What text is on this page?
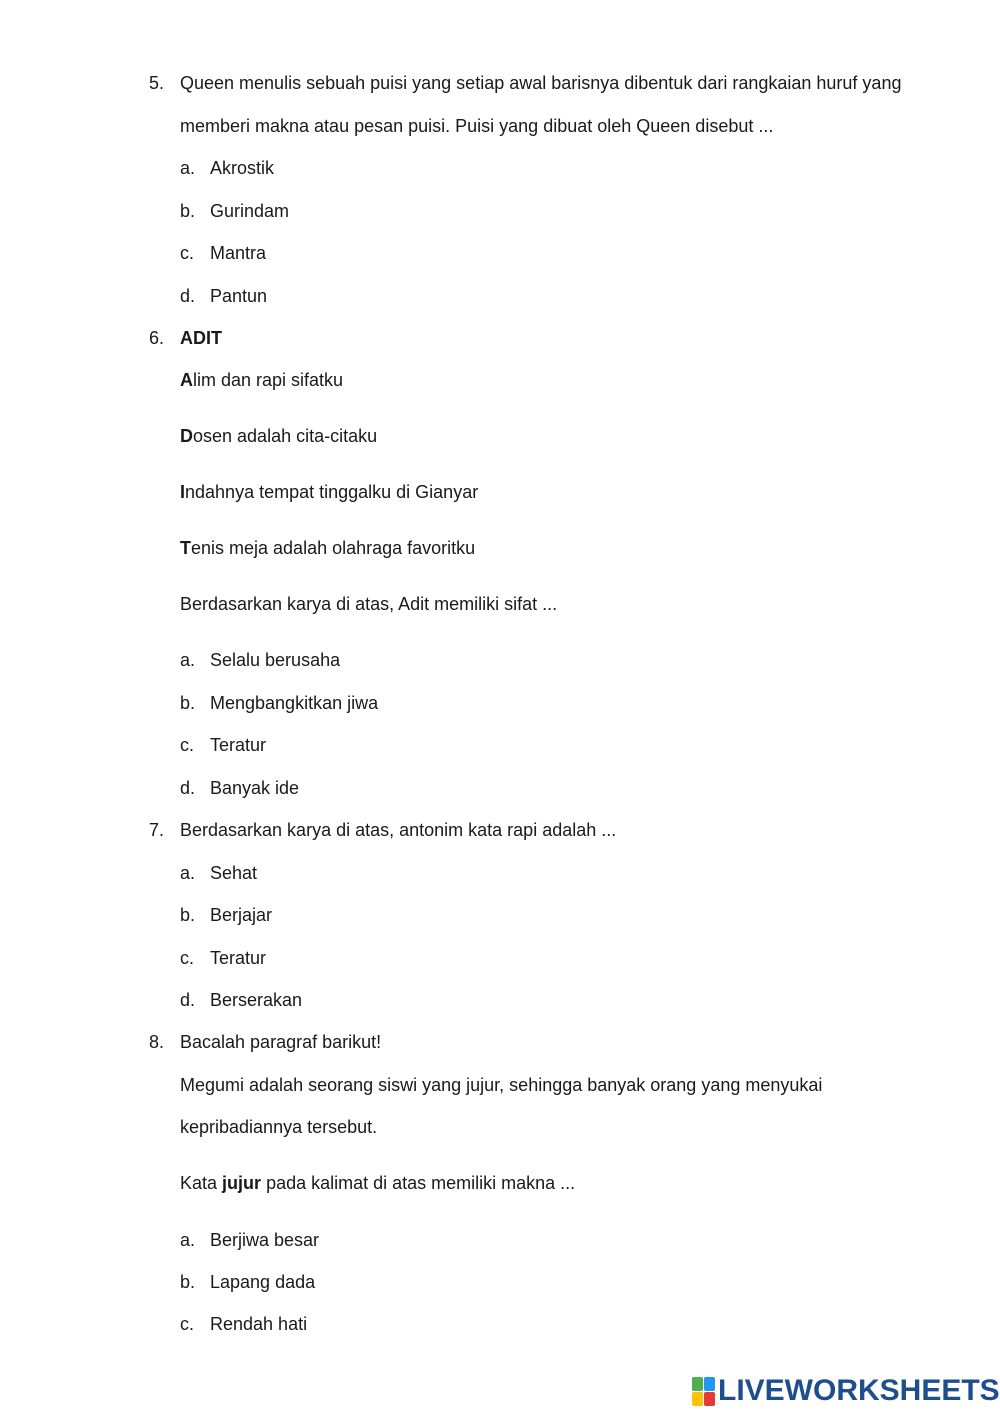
5. Queen menulis sebuah puisi yang setiap awal barisnya dibentuk dari rangkaian huruf yang
memberi makna atau pesan puisi. Puisi yang dibuat oleh Queen disebut ...
a. Akrostik
b. Gurindam
c. Mantra
d. Pantun
6. ADIT
Alim dan rapi sifatku
Dosen adalah cita-citaku
Indahnya tempat tinggalku di Gianyar
Tenis meja adalah olahraga favoritku
Berdasarkan karya di atas, Adit memiliki sifat ...
a. Selalu berusaha
b. Mengbangkitkan jiwa
c. Teratur
d. Banyak ide
7. Berdasarkan karya di atas, antonim kata rapi adalah ...
a. Sehat
b. Berjajar
c. Teratur
d. Berserakan
8. Bacalah paragraf barikut!
Megumi adalah seorang siswi yang jujur, sehingga banyak orang yang menyukai
kepribadiannya tersebut.
Kata jujur pada kalimat di atas memiliki makna ...
a. Berjiwa besar
b. Lapang dada
c. Rendah hati
LIVEWORKSHEETS
